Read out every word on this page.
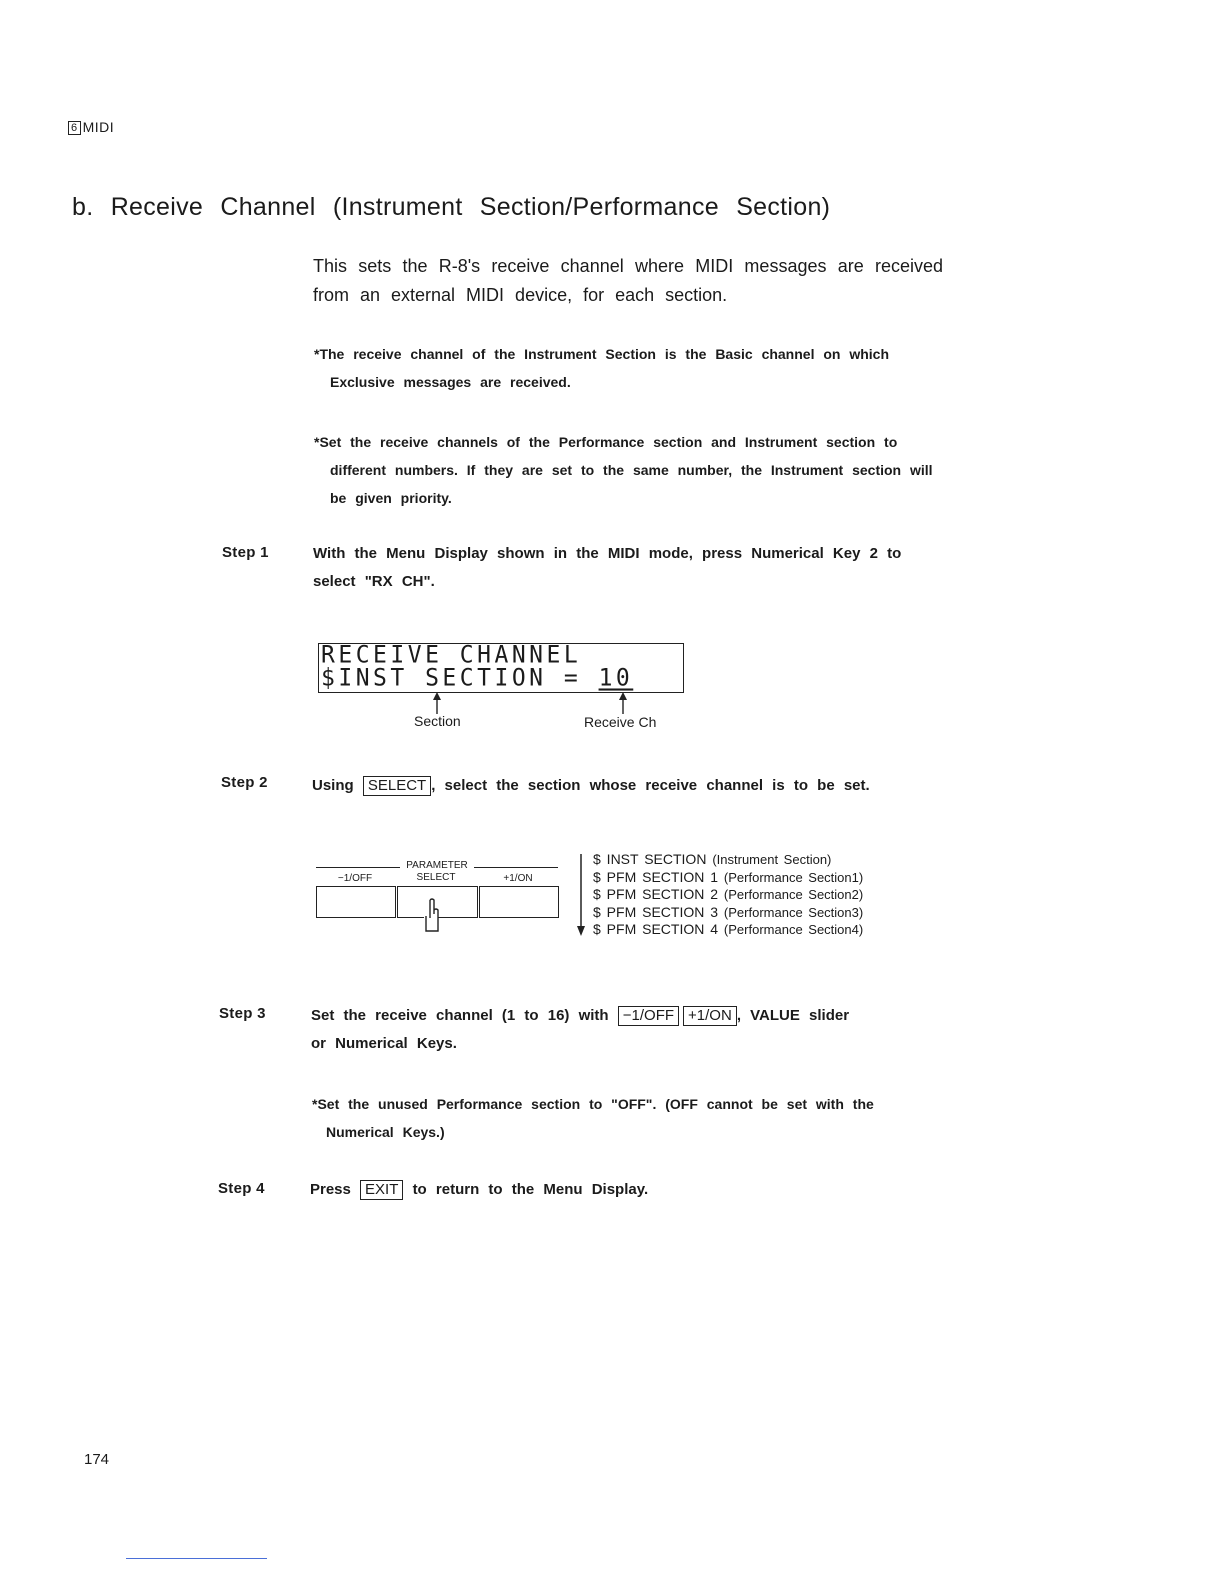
6 MIDI
b. Receive Channel (Instrument Section/Performance Section)
This sets the R-8's receive channel where MIDI messages are received from an external MIDI device, for each section.
*The receive channel of the Instrument Section is the Basic channel on which
Exclusive messages are received.
*Set the receive channels of the Performance section and Instrument section to
different numbers. If they are set to the same number, the Instrument section will
be given priority.
Step 1	With the Menu Display shown in the MIDI mode, press Numerical Key 2 to
select "RX CH".
RECEIVE CHANNEL
$INST SECTION = 10
Section	Receive Ch
Step 2	Using SELECT , select the section whose receive channel is to be set.
PARAMETER
−1/OFF	SELECT	+1/ON
$ INST SECTION (Instrument Section)
$ PFM SECTION 1 (Performance Section1)
$ PFM SECTION 2 (Performance Section2)
$ PFM SECTION 3 (Performance Section3)
$ PFM SECTION 4 (Performance Section4)
Step 3	Set the receive channel (1 to 16) with −1/OFF +1/ON , VALUE slider
or Numerical Keys.
*Set the unused Performance section to "OFF". (OFF cannot be set with the
Numerical Keys.)
Step 4	Press EXIT to return to the Menu Display.
174
